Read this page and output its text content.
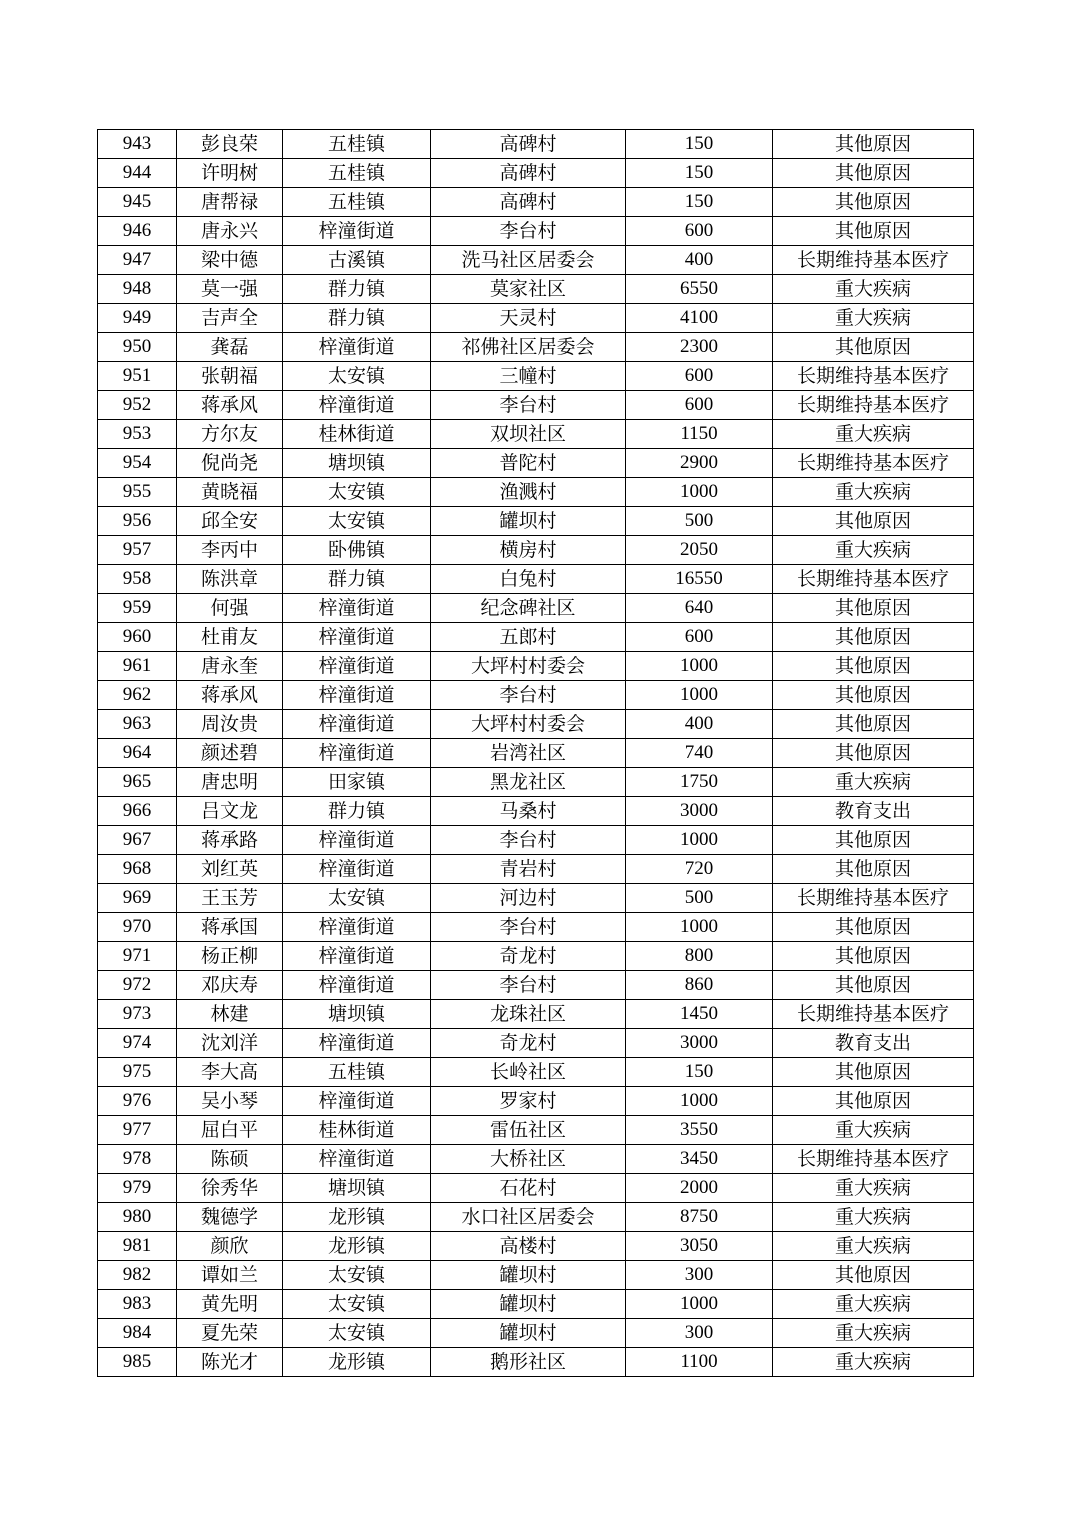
943	彭良荣	五桂镇	高碑村	150	其他原因
944	许明树	五桂镇	高碑村	150	其他原因
945	唐帮禄	五桂镇	高碑村	150	其他原因
946	唐永兴	梓潼街道	李台村	600	其他原因
947	梁中德	古溪镇	洗马社区居委会	400	长期维持基本医疗
948	莫一强	群力镇	莫家社区	6550	重大疾病
949	吉声全	群力镇	天灵村	4100	重大疾病
950	龚磊	梓潼街道	祁佛社区居委会	2300	其他原因
951	张朝福	太安镇	三幢村	600	长期维持基本医疗
952	蒋承风	梓潼街道	李台村	600	长期维持基本医疗
953	方尔友	桂林街道	双坝社区	1150	重大疾病
954	倪尚尧	塘坝镇	普陀村	2900	长期维持基本医疗
955	黄晓福	太安镇	渔溅村	1000	重大疾病
956	邱全安	太安镇	罐坝村	500	其他原因
957	李丙中	卧佛镇	横房村	2050	重大疾病
958	陈洪章	群力镇	白兔村	16550	长期维持基本医疗
959	何强	梓潼街道	纪念碑社区	640	其他原因
960	杜甫友	梓潼街道	五郎村	600	其他原因
961	唐永奎	梓潼街道	大坪村村委会	1000	其他原因
962	蒋承风	梓潼街道	李台村	1000	其他原因
963	周汝贵	梓潼街道	大坪村村委会	400	其他原因
964	颜述碧	梓潼街道	岩湾社区	740	其他原因
965	唐忠明	田家镇	黑龙社区	1750	重大疾病
966	吕文龙	群力镇	马桑村	3000	教育支出
967	蒋承路	梓潼街道	李台村	1000	其他原因
968	刘红英	梓潼街道	青岩村	720	其他原因
969	王玉芳	太安镇	河边村	500	长期维持基本医疗
970	蒋承国	梓潼街道	李台村	1000	其他原因
971	杨正柳	梓潼街道	奇龙村	800	其他原因
972	邓庆寿	梓潼街道	李台村	860	其他原因
973	林建	塘坝镇	龙珠社区	1450	长期维持基本医疗
974	沈刘洋	梓潼街道	奇龙村	3000	教育支出
975	李大高	五桂镇	长岭社区	150	其他原因
976	吴小琴	梓潼街道	罗家村	1000	其他原因
977	屈白平	桂林街道	雷伍社区	3550	重大疾病
978	陈硕	梓潼街道	大桥社区	3450	长期维持基本医疗
979	徐秀华	塘坝镇	石花村	2000	重大疾病
980	魏德学	龙形镇	水口社区居委会	8750	重大疾病
981	颜欣	龙形镇	高楼村	3050	重大疾病
982	谭如兰	太安镇	罐坝村	300	其他原因
983	黄先明	太安镇	罐坝村	1000	重大疾病
984	夏先荣	太安镇	罐坝村	300	重大疾病
985	陈光才	龙形镇	鹅形社区	1100	重大疾病
